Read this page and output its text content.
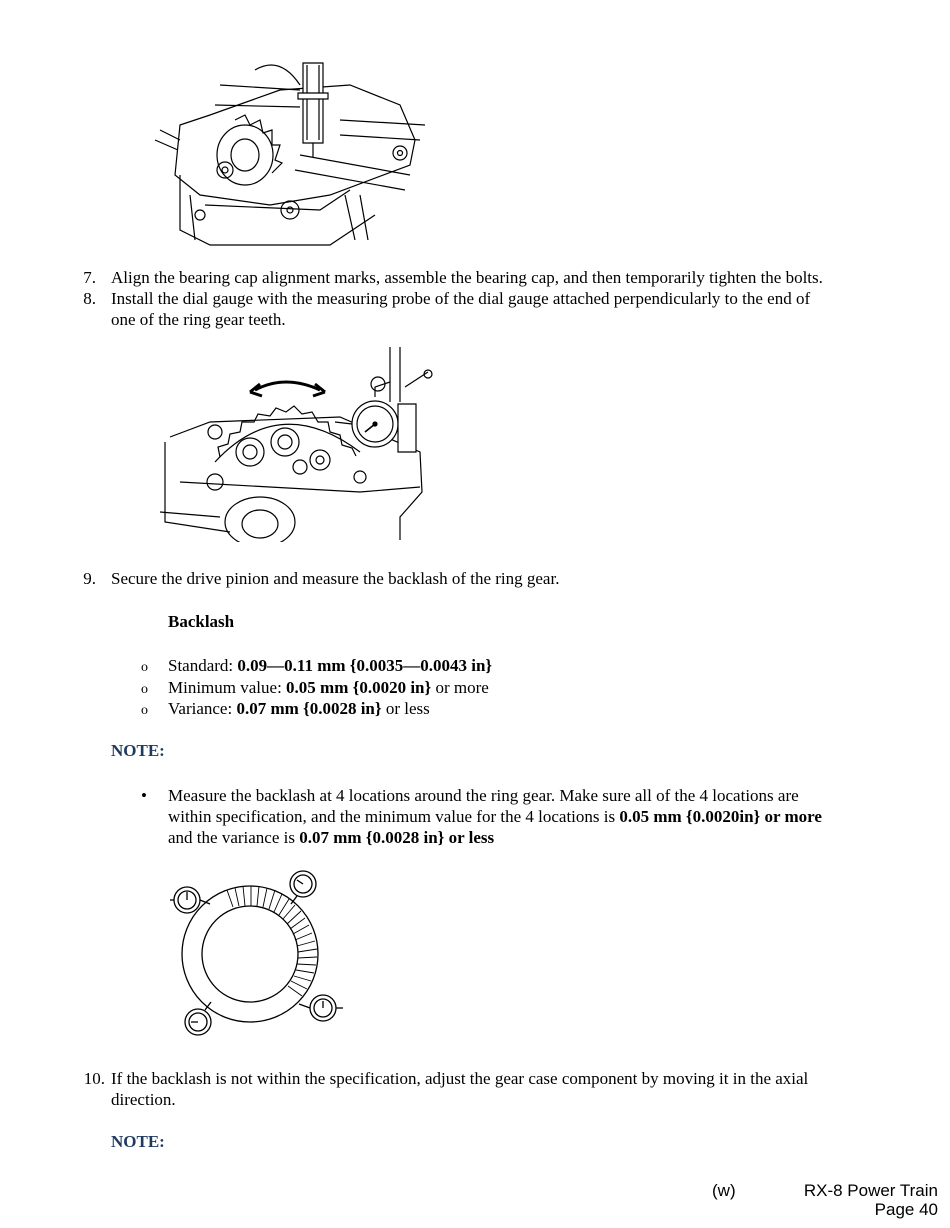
7. Align the bearing cap alignment marks, assemble the bearing cap, and then temporarily tighten the bolts.
8. Install the dial gauge with the measuring probe of the dial gauge attached perpendicularly to the end of
one of the ring gear teeth.
9. Secure the drive pinion and measure the backlash of the ring gear.
Backlash
o Standard: 0.09—0.11 mm {0.0035—0.0043 in}
o Minimum value: 0.05 mm {0.0020 in} or more
o Variance: 0.07 mm {0.0028 in} or less
NOTE:
• Measure the backlash at 4 locations around the ring gear. Make sure all of the 4 locations are
within specification, and the minimum value for the 4 locations is 0.05 mm {0.0020in} or more
and the variance is 0.07 mm {0.0028 in} or less
10. If the backlash is not within the specification, adjust the gear case component by moving it in the axial
direction.
NOTE:
(w)	RX-8 Power Train
Page 40
